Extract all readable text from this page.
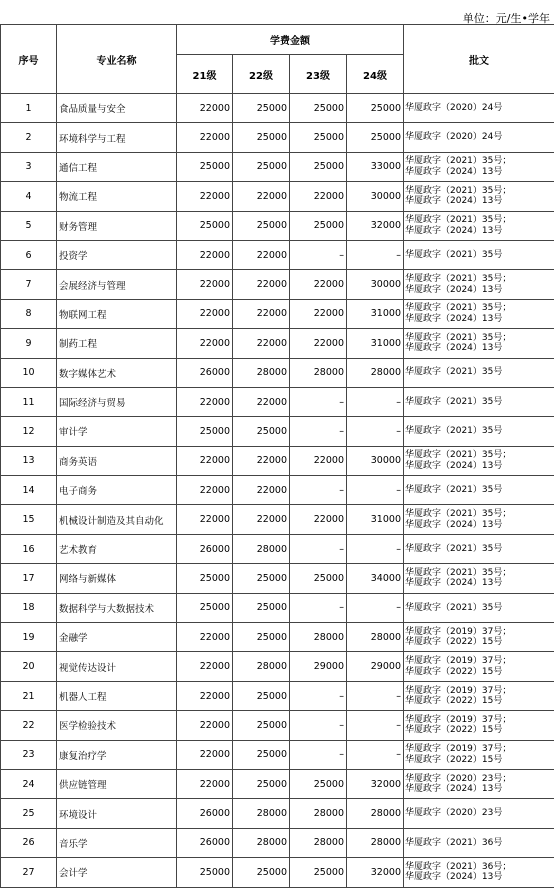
单位：元/生•学年
序号	专业名称	学费金额				批文
		21级	22级	23级	24级	
1	食品质量与安全	22000	25000	25000	25000	华厦政字（2020）24号

2	环境科学与工程	22000	25000	25000	25000	华厦政字（2020）24号

3	通信工程	25000	25000	25000	33000	华厦政字（2021）35号；
华厦政字（2024）13号

4	物流工程	22000	22000	22000	30000	华厦政字（2021）35号；
华厦政字（2024）13号

5	财务管理	25000	25000	25000	32000	华厦政字（2021）35号；
华厦政字（2024）13号

6	投资学	22000	22000	–	–	华厦政字（2021）35号

7	会展经济与管理	22000	22000	22000	30000	华厦政字（2021）35号；
华厦政字（2024）13号

8	物联网工程	22000	22000	22000	31000	华厦政字（2021）35号；
华厦政字（2024）13号

9	制药工程	22000	22000	22000	31000	华厦政字（2021）35号；
华厦政字（2024）13号

10	数字媒体艺术	26000	28000	28000	28000	华厦政字（2021）35号

11	国际经济与贸易	22000	22000	–	–	华厦政字（2021）35号

12	审计学	25000	25000	–	–	华厦政字（2021）35号

13	商务英语	22000	22000	22000	30000	华厦政字（2021）35号；
华厦政字（2024）13号

14	电子商务	22000	22000	–	–	华厦政字（2021）35号

15	机械设计制造及其自动化	22000	22000	22000	31000	华厦政字（2021）35号；
华厦政字（2024）13号

16	艺术教育	26000	28000	–	–	华厦政字（2021）35号

17	网络与新媒体	25000	25000	25000	34000	华厦政字（2021）35号；
华厦政字（2024）13号

18	数据科学与大数据技术	25000	25000	–	–	华厦政字（2021）35号

19	金融学	22000	25000	28000	28000	华厦政字（2019）37号；
华厦政字（2022）15号

20	视觉传达设计	22000	28000	29000	29000	华厦政字（2019）37号；
华厦政字（2022）15号

21	机器人工程	22000	25000	–	–	华厦政字（2019）37号；
华厦政字（2022）15号

22	医学检验技术	22000	25000	–	–	华厦政字（2019）37号；
华厦政字（2022）15号

23	康复治疗学	22000	25000	–	–	华厦政字（2019）37号；
华厦政字（2022）15号

24	供应链管理	22000	25000	25000	32000	华厦政字（2020）23号；
华厦政字（2024）13号

25	环境设计	26000	28000	28000	28000	华厦政字（2020）23号

26	音乐学	26000	28000	28000	28000	华厦政字（2021）36号

27	会计学	25000	25000	25000	32000	华厦政字（2021）36号；
华厦政字（2024）13号
